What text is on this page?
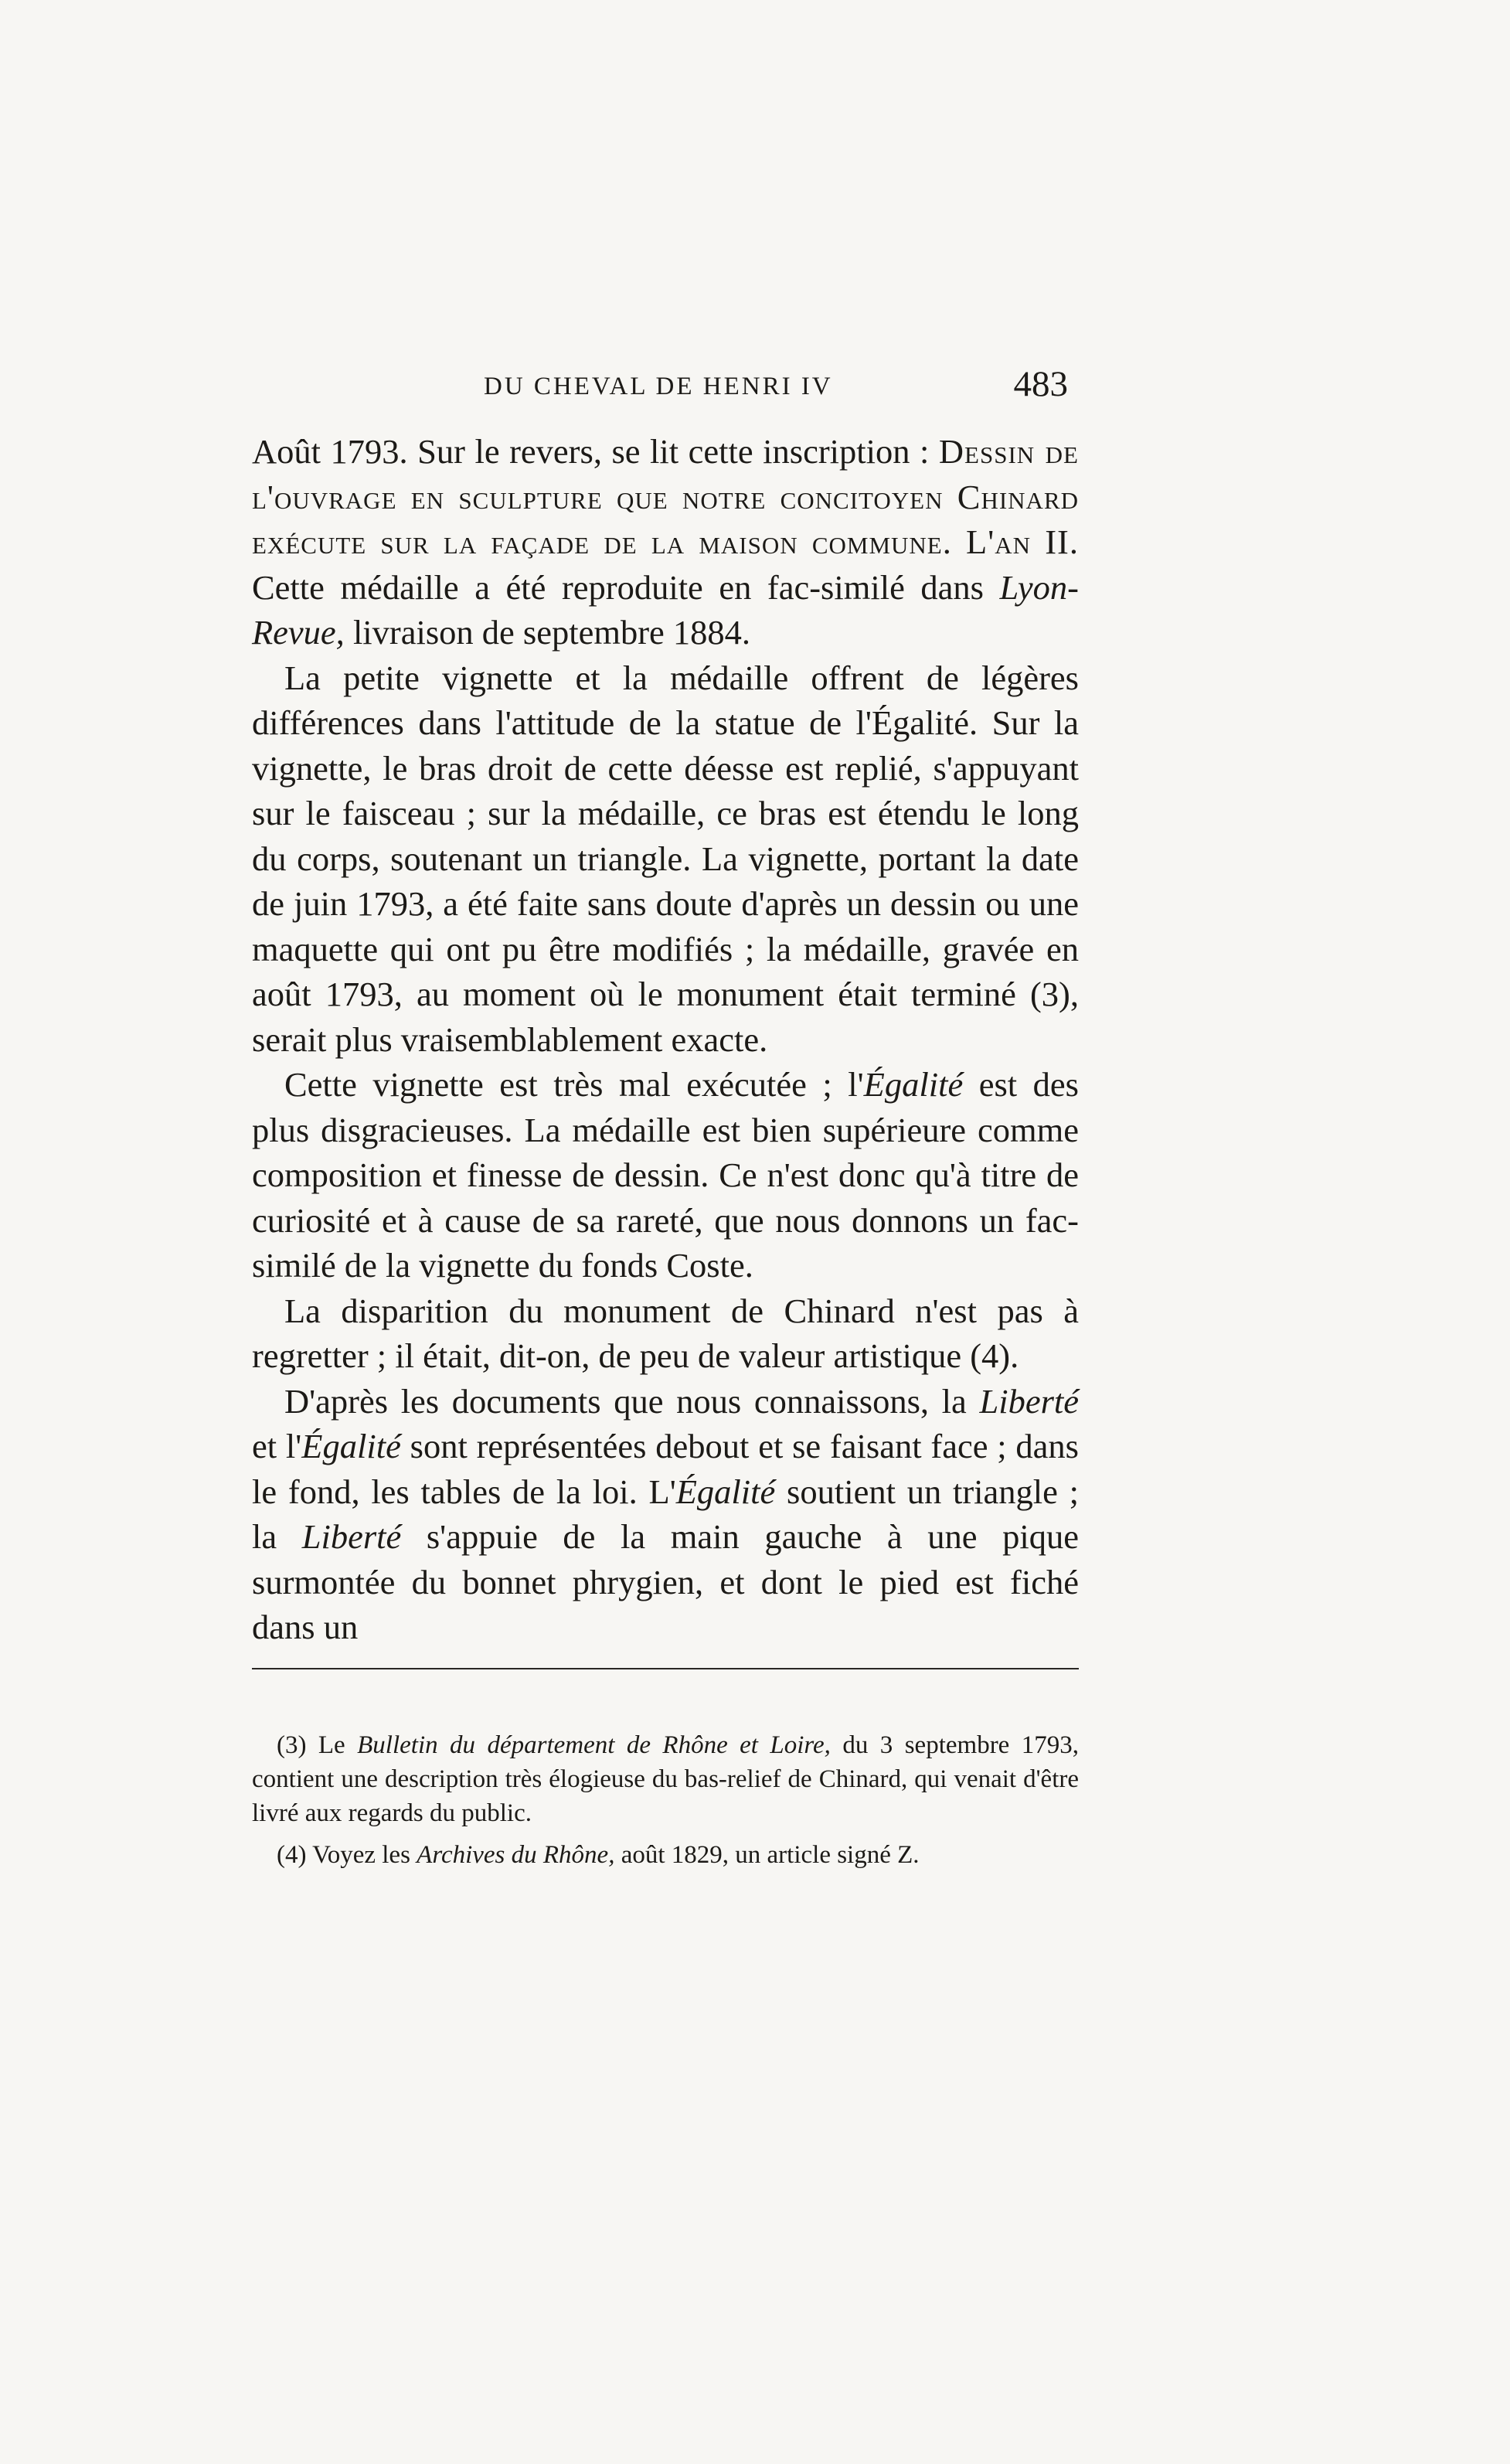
DU CHEVAL DE HENRI IV	483

Août 1793. Sur le revers, se lit cette inscription : Dessin de l'ouvrage en sculpture que notre concitoyen Chinard exécute sur la façade de la maison commune. L'an II. Cette médaille a été reproduite en fac-similé dans Lyon-Revue, livraison de septembre 1884.

La petite vignette et la médaille offrent de légères différences dans l'attitude de la statue de l'Égalité. Sur la vignette, le bras droit de cette déesse est replié, s'appuyant sur le faisceau ; sur la médaille, ce bras est étendu le long du corps, soutenant un triangle. La vignette, portant la date de juin 1793, a été faite sans doute d'après un dessin ou une maquette qui ont pu être modifiés ; la médaille, gravée en août 1793, au moment où le monument était terminé (3), serait plus vraisemblablement exacte.

Cette vignette est très mal exécutée ; l'Égalité est des plus disgracieuses. La médaille est bien supérieure comme composition et finesse de dessin. Ce n'est donc qu'à titre de curiosité et à cause de sa rareté, que nous donnons un fac-similé de la vignette du fonds Coste.

La disparition du monument de Chinard n'est pas à regretter ; il était, dit-on, de peu de valeur artistique (4).

D'après les documents que nous connaissons, la Liberté et l'Égalité sont représentées debout et se faisant face ; dans le fond, les tables de la loi. L'Égalité soutient un triangle ; la Liberté s'appuie de la main gauche à une pique surmontée du bonnet phrygien, et dont le pied est fiché dans un

(3) Le Bulletin du département de Rhône et Loire, du 3 septembre 1793, contient une description très élogieuse du bas-relief de Chinard, qui venait d'être livré aux regards du public.

(4) Voyez les Archives du Rhône, août 1829, un article signé Z.
